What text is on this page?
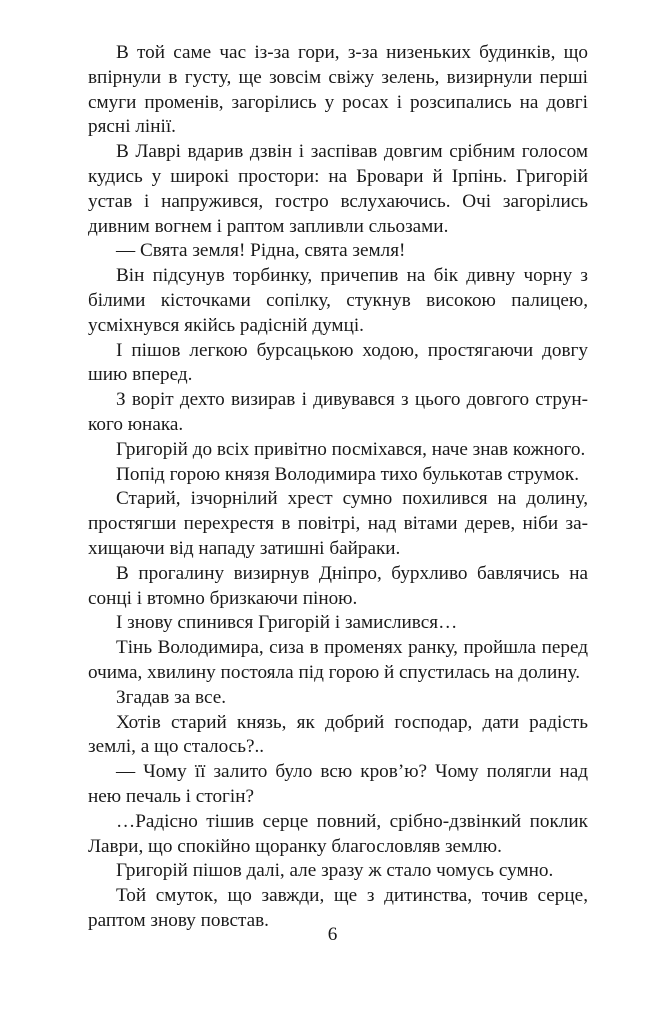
В той саме час із-за гори, з-за низеньких будинків, що впірнули в густу, ще зовсім свіжу зелень, визирнули перші смуги променів, загорілись у росах і розсипались на довгі рясні лінії.

В Лаврі вдарив дзвін і заспівав довгим срібним голосом кудись у широкі простори: на Бровари й Ірпінь. Григорій устав і напружився, гостро вслухаючись. Очі загорілись дивним вогнем і раптом запливли сльозами.

— Свята земля! Рідна, свята земля!

Він підсунув торбинку, причепив на бік дивну чорну з білими кісточками сопілку, стукнув високою палицею, усміхнувся якійсь радісній думці.

І пішов легкою бурсацькою ходою, простягаючи довгу шию вперед.

З воріт дехто визирав і дивувався з цього довгого стрункого юнака.

Григорій до всіх привітно посміхався, наче знав кожного.

Попід горою князя Володимира тихо булькотав струмок.

Старий, ізчорнілий хрест сумно похилився на долину, простягши перехрестя в повітрі, над вітами дерев, ніби захищаючи від нападу затишні байраки.

В прогалину визирнув Дніпро, бурхливо бавлячись на сонці і втомно бризкаючи піною.

І знову спинився Григорій і замислився…

Тінь Володимира, сиза в променях ранку, пройшла перед очима, хвилину постояла під горою й спустилась на долину.

Згадав за все.

Хотів старий князь, як добрий господар, дати радість землі, а що сталось?..

— Чому її залито було всю кров’ю? Чому полягли над нею печаль і стогін?

…Радісно тішив серце повний, срібно-дзвінкий поклик Лаври, що спокійно щоранку благословляв землю.

Григорій пішов далі, але зразу ж стало чомусь сумно.

Той смуток, що завжди, ще з дитинства, точив серце, раптом знову повстав.

6
